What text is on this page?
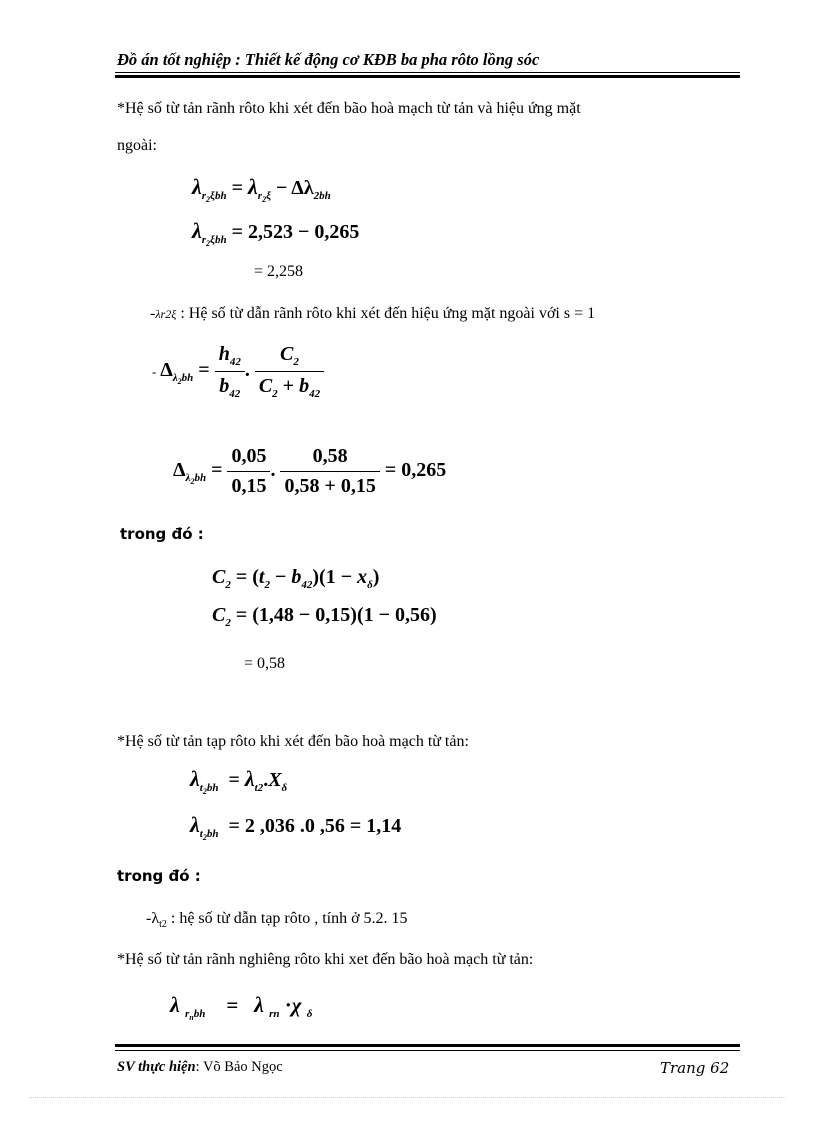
Đồ án tốt nghiệp : Thiết kế động cơ KĐB ba pha rôto lồng sóc
*Hệ số từ tản rãnh rôto khi xét đến bão hoà mạch từ tản và hiệu ứng mặt
ngoài:
$\lambda_{r_2\xi bh} = \lambda_{r_2\xi} - \Delta\lambda_{2bh}$
$\lambda_{r_2\xi bh} = 2,523 - 0,265$
= 2,258
-λr2ξ : Hệ số từ dẫn rãnh rôto khi xét đến hiệu ứng mặt ngoài với s = 1
- $\Delta_{\lambda_2bh} = \frac{h_{42}}{b_{42}}$ . $\frac{C_2}{C_2 + b_{42}}$
$\Delta_{\lambda_2bh} = \frac{0,05}{0,15}$ . $\frac{0,58}{0,58 + 0,15} = 0,265$
trong đó :
$C_2 = (t_2 - b_{42})(1 - x_\delta)$
$C_2 = (1,48 - 0,15)(1 - 0,56)$
= 0,58
*Hệ số từ tản tạp rôto khi xét đến bão hoà mạch từ tản:
$\lambda_{t_2bh} = \lambda_{t2}.X_\delta$
$\lambda_{t_2bh} = 2$ ,036 .0 ,56 = 1,14
trong đó :
$-\lambda_{t2}$ : hệ số từ dẫn tạp rôto , tính ở 5.2. 15
*Hệ số từ tản rãnh nghiêng rôto khi xet đến bão hoà mạch từ tản:
λ $_{r_nbh}$    =   λ $_{rn}$ ·χ $_\delta$
SV thực hiện: Võ Bảo Ngọc	Trang 62
